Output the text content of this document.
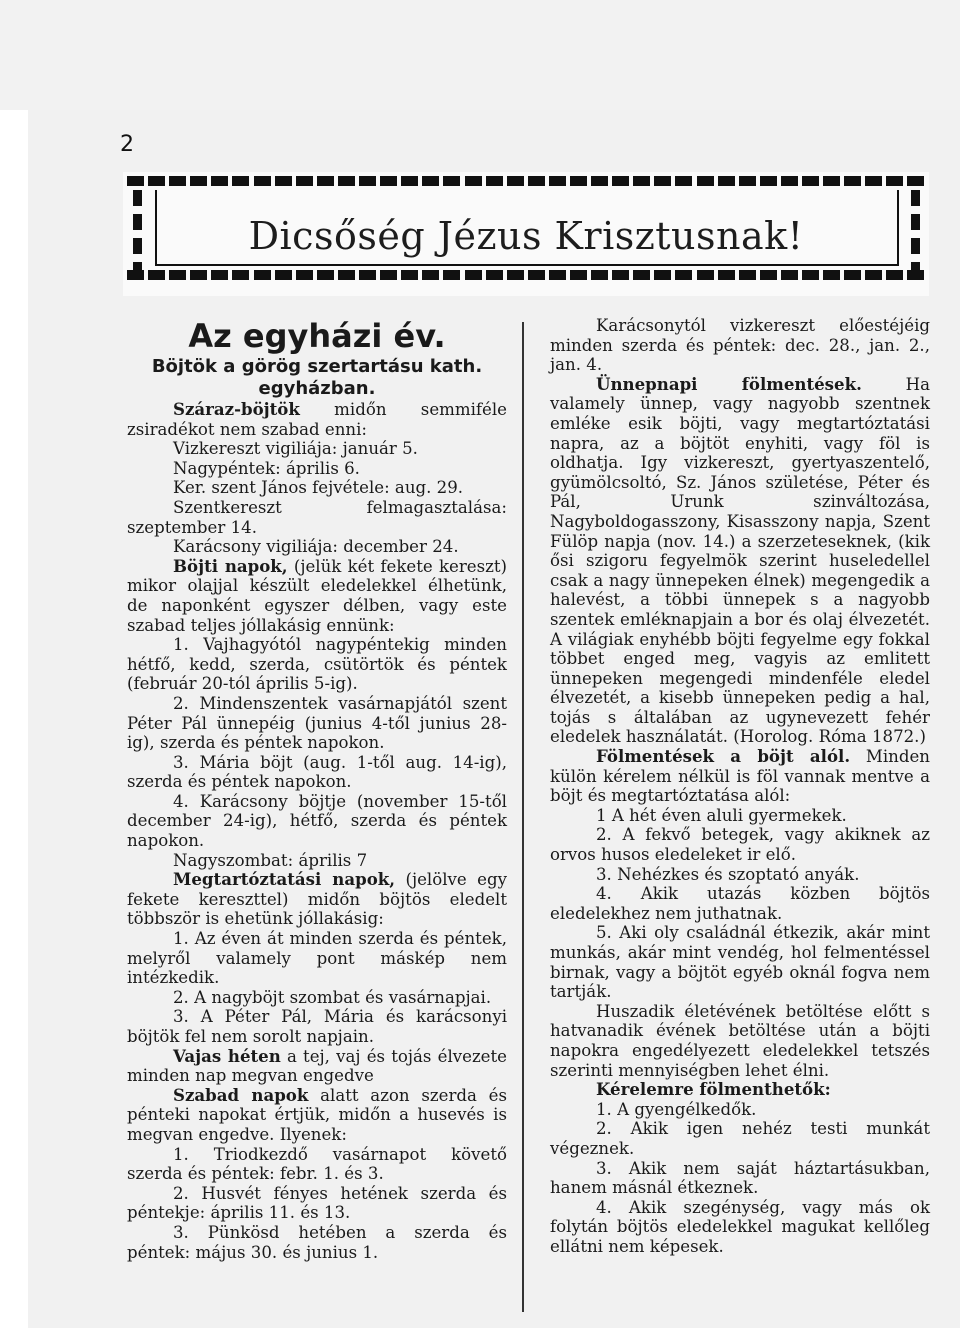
2
Dicsőség Jézus Krisztusnak!

Az egyházi év.

Böjtök a görög szertartásu kath. egyházban.

Száraz-böjtök midőn semmiféle zsiradékot nem szabad enni:

Vizkereszt vigiliája: január 5.

Nagypéntek: április 6.

Ker. szent János fejvétele: aug. 29.

Szentkereszt felmagasztalása: szeptember 14.

Karácsony vigiliája: december 24.

Böjti napok, (jelük két fekete kereszt) mikor olajjal készült eledelekkel élhetünk, de naponként egyszer délben, vagy este szabad teljes jóllakásig ennünk:

1. Vajhagyótól nagypéntekig minden hétfő, kedd, szerda, csütörtök és péntek (február 20-tól április 5-ig).

2. Mindenszentek vasárnapjától szent Péter Pál ünnepéig (junius 4-től junius 28-ig), szerda és péntek napokon.

3. Mária böjt (aug. 1-től aug. 14-ig), szerda és péntek napokon.

4. Karácsony böjtje (november 15-től december 24-ig), hétfő, szerda és péntek napokon.

Nagyszombat: április 7

Megtartóztatási napok, (jelölve egy fekete kereszttel) midőn böjtös eledelt többször is ehetünk jóllakásig:

1. Az éven át minden szerda és péntek, melyről valamely pont máskép nem intézkedik.

2. A nagyböjt szombat és vasárnapjai.

3. A Péter Pál, Mária és karácsonyi böjtök fel nem sorolt napjain.

Vajas héten a tej, vaj és tojás élvezete minden nap megvan engedve

Szabad napok alatt azon szerda és pénteki napokat értjük, midőn a husevés is megvan engedve. Ilyenek:

1. Triodkezdő vasárnapot követő szerda és péntek: febr. 1. és 3.

2. Husvét fényes hetének szerda és péntekje: április 11. és 13.

3. Pünkösd hetében a szerda és péntek: május 30. és junius 1.

Karácsonytól vizkereszt előestéjéig minden szerda és péntek: dec. 28., jan. 2., jan. 4.

Ünnepnapi fölmentések. Ha valamely ünnep, vagy nagyobb szentnek emléke esik böjti, vagy megtartóztatási napra, az a böjtöt enyhiti, vagy föl is oldhatja. Igy vizkereszt, gyertyaszentelő, gyümölcsoltó, Sz. János születése, Péter és Pál, Urunk szinváltozása, Nagyboldogasszony, Kisasszony napja, Szent Fülöp napja (nov. 14.) a szerzeteseknek, (kik ősi szigoru fegyelmök szerint huseledellel csak a nagy ünnepeken élnek) megengedik a halevést, a többi ünnepek s a nagyobb szentek emléknapjain a bor és olaj élvezetét. A világiak enyhébb böjti fegyelme egy fokkal többet enged meg, vagyis az emlitett ünnepeken megengedi mindenféle eledel élvezetét, a kisebb ünnepeken pedig a hal, tojás s általában az ugynevezett fehér eledelek használatát. (Horolog. Róma 1872.)

Fölmentések a böjt alól. Minden külön kérelem nélkül is föl vannak mentve a böjt és megtartóztatása alól:

1 A hét éven aluli gyermekek.

2. A fekvő betegek, vagy akiknek az orvos husos eledeleket ir elő.

3. Nehézkes és szoptató anyák.

4. Akik utazás közben böjtös eledelekhez nem juthatnak.

5. Aki oly családnál étkezik, akár mint munkás, akár mint vendég, hol felmentéssel birnak, vagy a böjtöt egyéb oknál fogva nem tartják.

Huszadik életévének betöltése előtt s hatvanadik évének betöltése után a böjti napokra engedélyezett eledelekkel tetszés szerinti mennyiségben lehet élni.

Kérelemre fölmenthetők:

1. A gyengélkedők.

2. Akik igen nehéz testi munkát végeznek.

3. Akik nem saját háztartásukban, hanem másnál étkeznek.

4. Akik szegénység, vagy más ok folytán böjtös eledelekkel magukat kellőleg ellátni nem képesek.
